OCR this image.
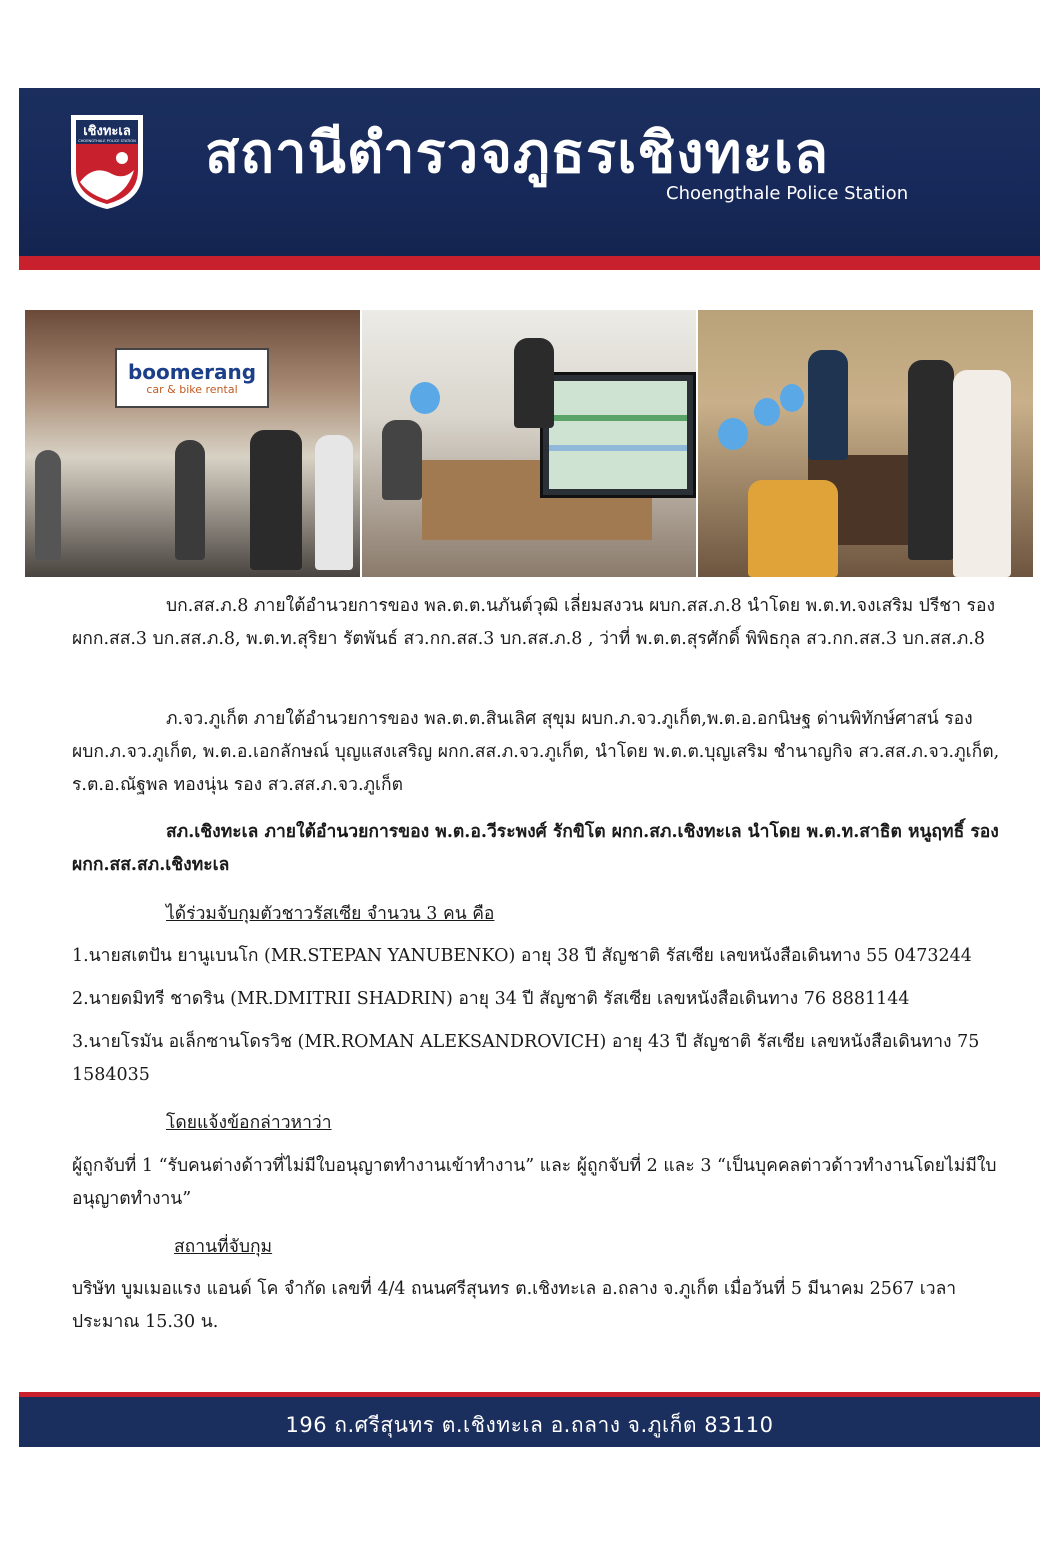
เชิงทะเล
CHOENGTHALE POLICE STATION สถานีตำรวจภูธรเชิงทะเล
Choengthale Police Station
boomerang
car & bike rental
บก.สส.ภ.8 ภายใต้อำนวยการของ พล.ต.ต.นภันต์วุฒิ เลี่ยมสงวน ผบก.สส.ภ.8 นำโดย พ.ต.ท.จงเสริม ปรีชา รอง ผกก.สส.3 บก.สส.ภ.8, พ.ต.ท.สุริยา รัตพันธ์ สว.กก.สส.3 บก.สส.ภ.8 , ว่าที่ พ.ต.ต.สุรศักดิ์ พิพิธกุล สว.กก.สส.3 บก.สส.ภ.8
ภ.จว.ภูเก็ต ภายใต้อำนวยการของ พล.ต.ต.สินเลิศ สุขุม ผบก.ภ.จว.ภูเก็ต,พ.ต.อ.อกนิษฐ ด่านพิทักษ์ศาสน์ รอง ผบก.ภ.จว.ภูเก็ต, พ.ต.อ.เอกลักษณ์ บุญแสงเสริญ ผกก.สส.ภ.จว.ภูเก็ต, นำโดย พ.ต.ต.บุญเสริม ชำนาญกิจ สว.สส.ภ.จว.ภูเก็ต, ร.ต.อ.ณัฐพล ทองนุ่น รอง สว.สส.ภ.จว.ภูเก็ต
สภ.เชิงทะเล ภายใต้อำนวยการของ พ.ต.อ.วีระพงศ์ รักขิโต ผกก.สภ.เชิงทะเล นำโดย พ.ต.ท.สาธิต หนูฤทธิ์ รอง ผกก.สส.สภ.เชิงทะเล
ได้ร่วมจับกุมตัวชาวรัสเซีย จำนวน 3 คน คือ
1.นายสเตปัน ยานูเบนโก (MR.STEPAN YANUBENKO) อายุ 38 ปี สัญชาติ รัสเซีย เลขหนังสือเดินทาง 55 0473244
2.นายดมิทรี ชาดริน (MR.DMITRII SHADRIN) อายุ 34 ปี สัญชาติ รัสเซีย เลขหนังสือเดินทาง 76 8881144
3.นายโรมัน อเล็กซานโดรวิช (MR.ROMAN ALEKSANDROVICH) อายุ 43 ปี สัญชาติ รัสเซีย เลขหนังสือเดินทาง 75 1584035
โดยแจ้งข้อกล่าวหาว่า
ผู้ถูกจับที่ 1 “รับคนต่างด้าวที่ไม่มีใบอนุญาตทำงานเข้าทำงาน” และ ผู้ถูกจับที่ 2 และ 3 “เป็นบุคคลต่าวด้าวทำงานโดยไม่มีใบอนุญาตทำงาน”
สถานที่จับกุม
บริษัท บูมเมอแรง แอนด์ โค จำกัด เลขที่ 4/4 ถนนศรีสุนทร ต.เชิงทะเล อ.ถลาง จ.ภูเก็ต เมื่อวันที่ 5 มีนาคม 2567 เวลาประมาณ 15.30 น.
196 ถ.ศรีสุนทร ต.เชิงทะเล อ.ถลาง จ.ภูเก็ต 83110
